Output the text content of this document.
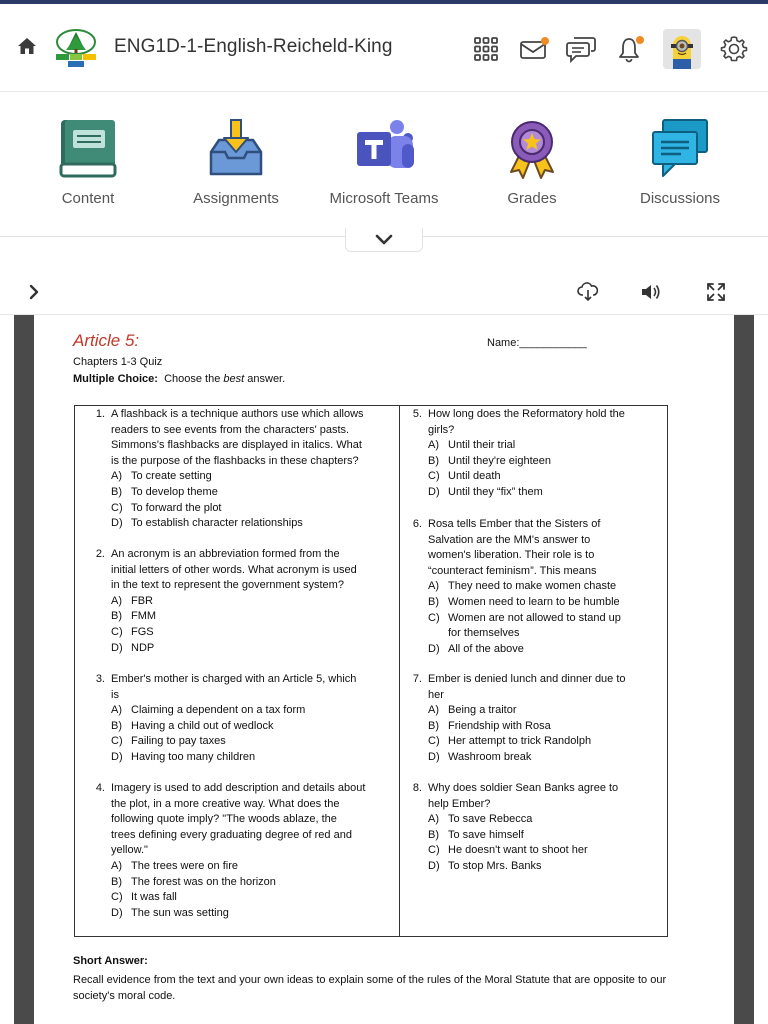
ENG1D-1-English-Reicheld-King
Content	Assignments	Microsoft Teams	Grades	Discussions
Article 5:	Name:___________
Chapters 1-3 Quiz
Multiple Choice: Choose the best answer.
1. A flashback is a technique authors use which allows
readers to see events from the characters' pasts.
Simmons's flashbacks are displayed in italics. What
is the purpose of the flashbacks in these chapters?
A) To create setting
B) To develop theme
C) To forward the plot
D) To establish character relationships
2. An acronym is an abbreviation formed from the
initial letters of other words. What acronym is used
in the text to represent the government system?
A) FBR
B) FMM
C) FGS
D) NDP
3. Ember's mother is charged with an Article 5, which
is
A) Claiming a dependent on a tax form
B) Having a child out of wedlock
C) Failing to pay taxes
D) Having too many children
4. Imagery is used to add description and details about
the plot, in a more creative way. What does the
following quote imply? "The woods ablaze, the
trees defining every graduating degree of red and
yellow."
A) The trees were on fire
B) The forest was on the horizon
C) It was fall
D) The sun was setting
5. How long does the Reformatory hold the
girls?
A) Until their trial
B) Until they're eighteen
C) Until death
D) Until they “fix” them
6. Rosa tells Ember that the Sisters of
Salvation are the MM's answer to
women's liberation. Their role is to
“counteract feminism”. This means
A) They need to make women chaste
B) Women need to learn to be humble
C) Women are not allowed to stand up
for themselves
D) All of the above
7. Ember is denied lunch and dinner due to
her
A) Being a traitor
B) Friendship with Rosa
C) Her attempt to trick Randolph
D) Washroom break
8. Why does soldier Sean Banks agree to
help Ember?
A) To save Rebecca
B) To save himself
C) He doesn't want to shoot her
D) To stop Mrs. Banks
Short Answer:

Recall evidence from the text and your own ideas to explain some of the rules of the Moral Statute that are opposite to our society's moral code.
